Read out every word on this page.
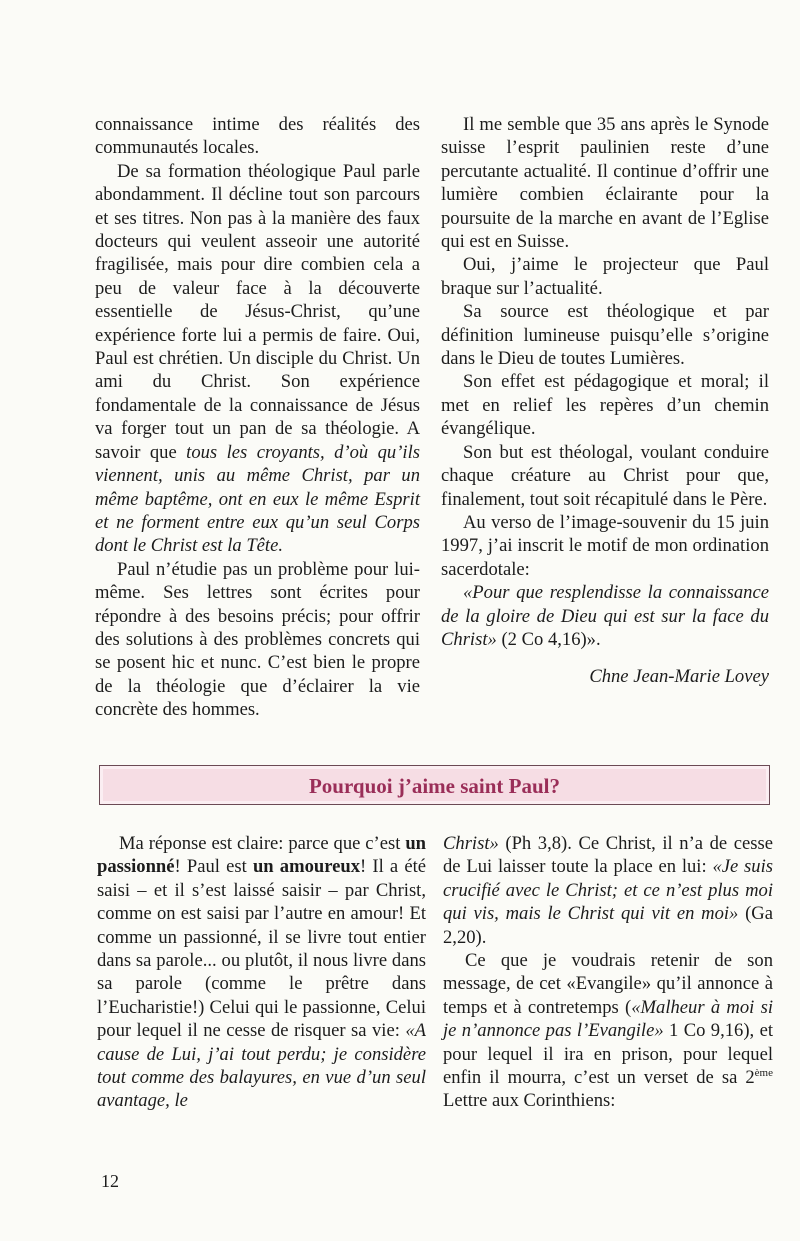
connaissance intime des réalités des communautés locales.

De sa formation théologique Paul parle abondamment. Il décline tout son parcours et ses titres. Non pas à la manière des faux docteurs qui veulent asseoir une autorité fragilisée, mais pour dire combien cela a peu de valeur face à la découverte essentielle de Jésus-Christ, qu’une expérience forte lui a permis de faire. Oui, Paul est chrétien. Un disciple du Christ. Un ami du Christ. Son expérience fondamentale de la connaissance de Jésus va forger tout un pan de sa théologie. A savoir que tous les croyants, d’où qu’ils viennent, unis au même Christ, par un même baptême, ont en eux le même Esprit et ne forment entre eux qu’un seul Corps dont le Christ est la Tête.

Paul n’étudie pas un problème pour lui-même. Ses lettres sont écrites pour répondre à des besoins précis; pour offrir des solutions à des problèmes concrets qui se posent hic et nunc. C’est bien le propre de la théologie que d’éclairer la vie concrète des hommes.

Il me semble que 35 ans après le Synode suisse l’esprit paulinien reste d’une percutante actualité. Il continue d’offrir une lumière combien éclairante pour la poursuite de la marche en avant de l’Eglise qui est en Suisse.

Oui, j’aime le projecteur que Paul braque sur l’actualité.

Sa source est théologique et par définition lumineuse puisqu’elle s’origine dans le Dieu de toutes Lumières.

Son effet est pédagogique et moral; il met en relief les repères d’un chemin évangélique.

Son but est théologal, voulant conduire chaque créature au Christ pour que, finalement, tout soit récapitulé dans le Père.

Au verso de l’image-souvenir du 15 juin 1997, j’ai inscrit le motif de mon ordination sacerdotale:

«Pour que resplendisse la connaissance de la gloire de Dieu qui est sur la face du Christ» (2 Co 4,16)».

Chne Jean-Marie Lovey

Pourquoi j’aime saint Paul?

Ma réponse est claire: parce que c’est un passionné! Paul est un amoureux! Il a été saisi – et il s’est laissé saisir – par Christ, comme on est saisi par l’autre en amour! Et comme un passionné, il se livre tout entier dans sa parole... ou plutôt, il nous livre dans sa parole (comme le prêtre dans l’Eucharistie!) Celui qui le passionne, Celui pour lequel il ne cesse de risquer sa vie: «A cause de Lui, j’ai tout perdu; je considère tout comme des balayures, en vue d’un seul avantage, le

Christ» (Ph 3,8). Ce Christ, il n’a de cesse de Lui laisser toute la place en lui: «Je suis crucifié avec le Christ; et ce n’est plus moi qui vis, mais le Christ qui vit en moi» (Ga 2,20).

Ce que je voudrais retenir de son message, de cet «Evangile» qu’il annonce à temps et à contretemps («Malheur à moi si je n’annonce pas l’Evangile» 1 Co 9,16), et pour lequel il ira en prison, pour lequel enfin il mourra, c’est un verset de sa 2ème Lettre aux Corinthiens:

12
